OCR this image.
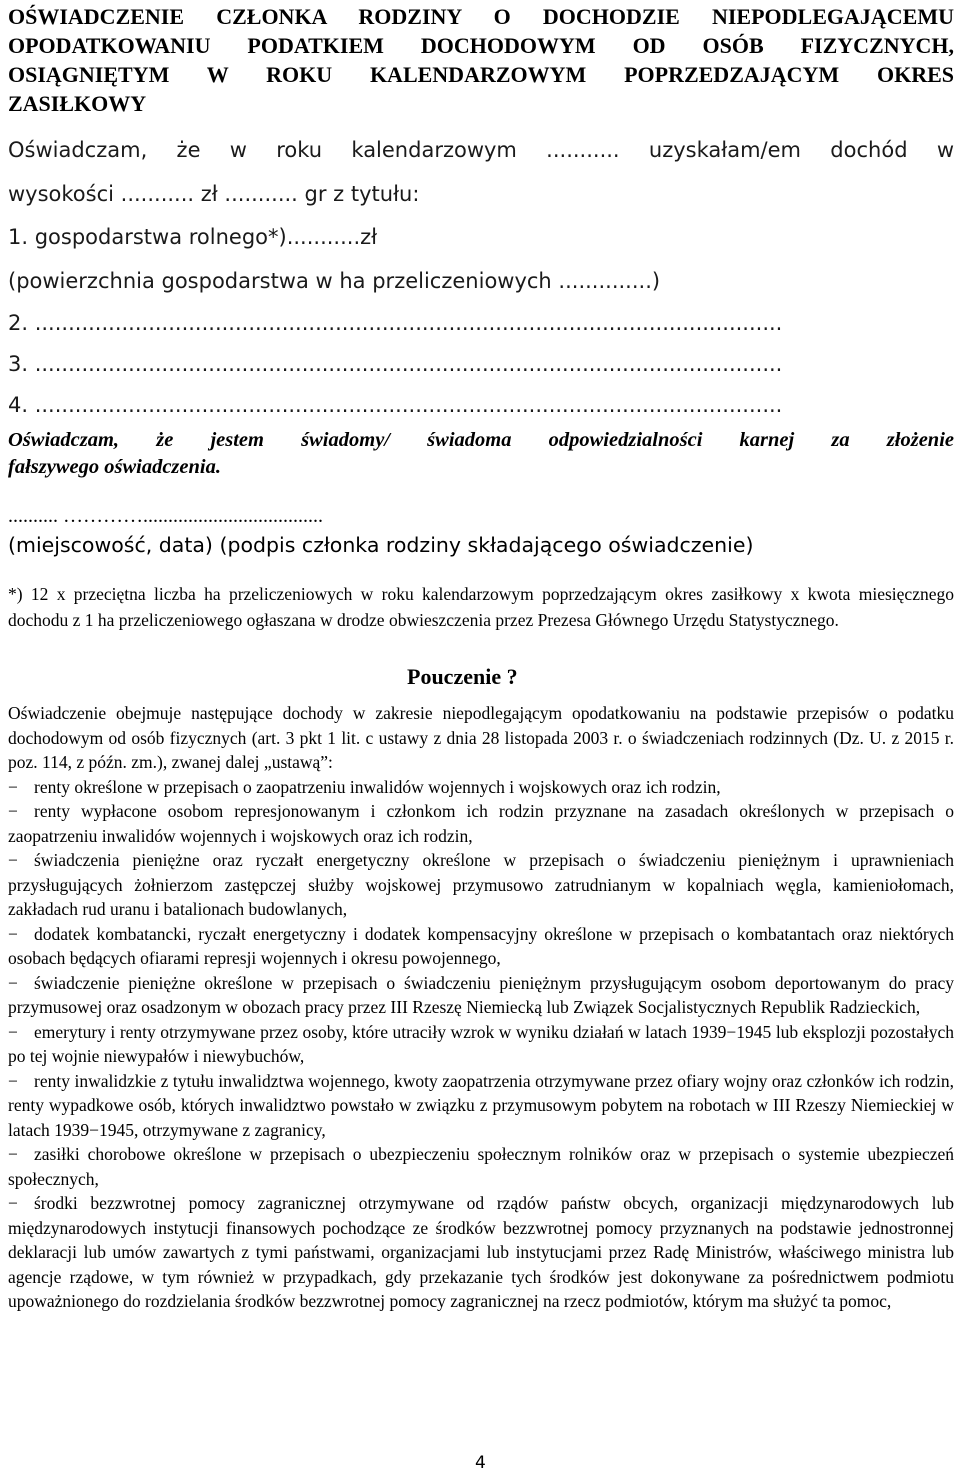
OŚWIADCZENIE CZŁONKA RODZINY O DOCHODZIE NIEPODLEGAJĄCEMU OPODATKOWANIU PODATKIEM DOCHODOWYM OD OSÓB FIZYCZNYCH, OSIĄGNIĘTYM W ROKU KALENDARZOWYM POPRZEDZAJĄCYM OKRES
ZASIŁKOWY
Oświadczam, że w roku kalendarzowym ........... uzyskałam/em dochód w
wysokości ........... zł ........... gr z tytułu:
1. gospodarstwa rolnego*)...........zł
(powierzchnia gospodarstwa w ha przeliczeniowych ..............)
2. ................................................................................................................
3. ................................................................................................................
4. ................................................................................................................
Oświadczam, że jestem świadomy/ świadoma odpowiedzialności karnej za złożenie
fałszywego oświadczenia.
.......... …………....................................
(miejscowość, data) (podpis członka rodziny składającego oświadczenie)
*) 12 x przeciętna liczba ha przeliczeniowych w roku kalendarzowym poprzedzającym okres zasiłkowy x kwota miesięcznego dochodu z 1 ha przeliczeniowego ogłaszana w drodze obwieszczenia przez Prezesa Głównego Urzędu Statystycznego.
Pouczenie ?

Oświadczenie obejmuje następujące dochody w zakresie niepodlegającym opodatkowaniu na podstawie przepisów o podatku dochodowym od osób fizycznych (art. 3 pkt 1 lit. c ustawy z dnia 28 listopada 2003 r. o świadczeniach rodzinnych (Dz. U. z 2015 r. poz. 114, z późn. zm.), zwanej dalej „ustawą”:

− renty określone w przepisach o zaopatrzeniu inwalidów wojennych i wojskowych oraz ich rodzin,

− renty wypłacone osobom represjonowanym i członkom ich rodzin przyznane na zasadach określonych w przepisach o zaopatrzeniu inwalidów wojennych i wojskowych oraz ich rodzin,

− świadczenia pieniężne oraz ryczałt energetyczny określone w przepisach o świadczeniu pieniężnym i uprawnieniach przysługujących żołnierzom zastępczej służby wojskowej przymusowo zatrudnianym w kopalniach węgla, kamieniołomach, zakładach rud uranu i batalionach budowlanych,

− dodatek kombatancki, ryczałt energetyczny i dodatek kompensacyjny określone w przepisach o kombatantach oraz niektórych osobach będących ofiarami represji wojennych i okresu powojennego,

− świadczenie pieniężne określone w przepisach o świadczeniu pieniężnym przysługującym osobom deportowanym do pracy przymusowej oraz osadzonym w obozach pracy przez III Rzeszę Niemiecką lub Związek Socjalistycznych Republik Radzieckich,

− emerytury i renty otrzymywane przez osoby, które utraciły wzrok w wyniku działań w latach 1939−1945 lub eksplozji pozostałych po tej wojnie niewypałów i niewybuchów,

− renty inwalidzkie z tytułu inwalidztwa wojennego, kwoty zaopatrzenia otrzymywane przez ofiary wojny oraz członków ich rodzin, renty wypadkowe osób, których inwalidztwo powstało w związku z przymusowym pobytem na robotach w III Rzeszy Niemieckiej w latach 1939−1945, otrzymywane z zagranicy,

− zasiłki chorobowe określone w przepisach o ubezpieczeniu społecznym rolników oraz w przepisach o systemie ubezpieczeń społecznych,

− środki bezzwrotnej pomocy zagranicznej otrzymywane od rządów państw obcych, organizacji międzynarodowych lub międzynarodowych instytucji finansowych pochodzące ze środków bezzwrotnej pomocy przyznanych na podstawie jednostronnej deklaracji lub umów zawartych z tymi państwami, organizacjami lub instytucjami przez Radę Ministrów, właściwego ministra lub agencje rządowe, w tym również w przypadkach, gdy przekazanie tych środków jest dokonywane za pośrednictwem podmiotu upoważnionego do rozdzielania środków bezzwrotnej pomocy zagranicznej na rzecz podmiotów, którym ma służyć ta pomoc,

4
